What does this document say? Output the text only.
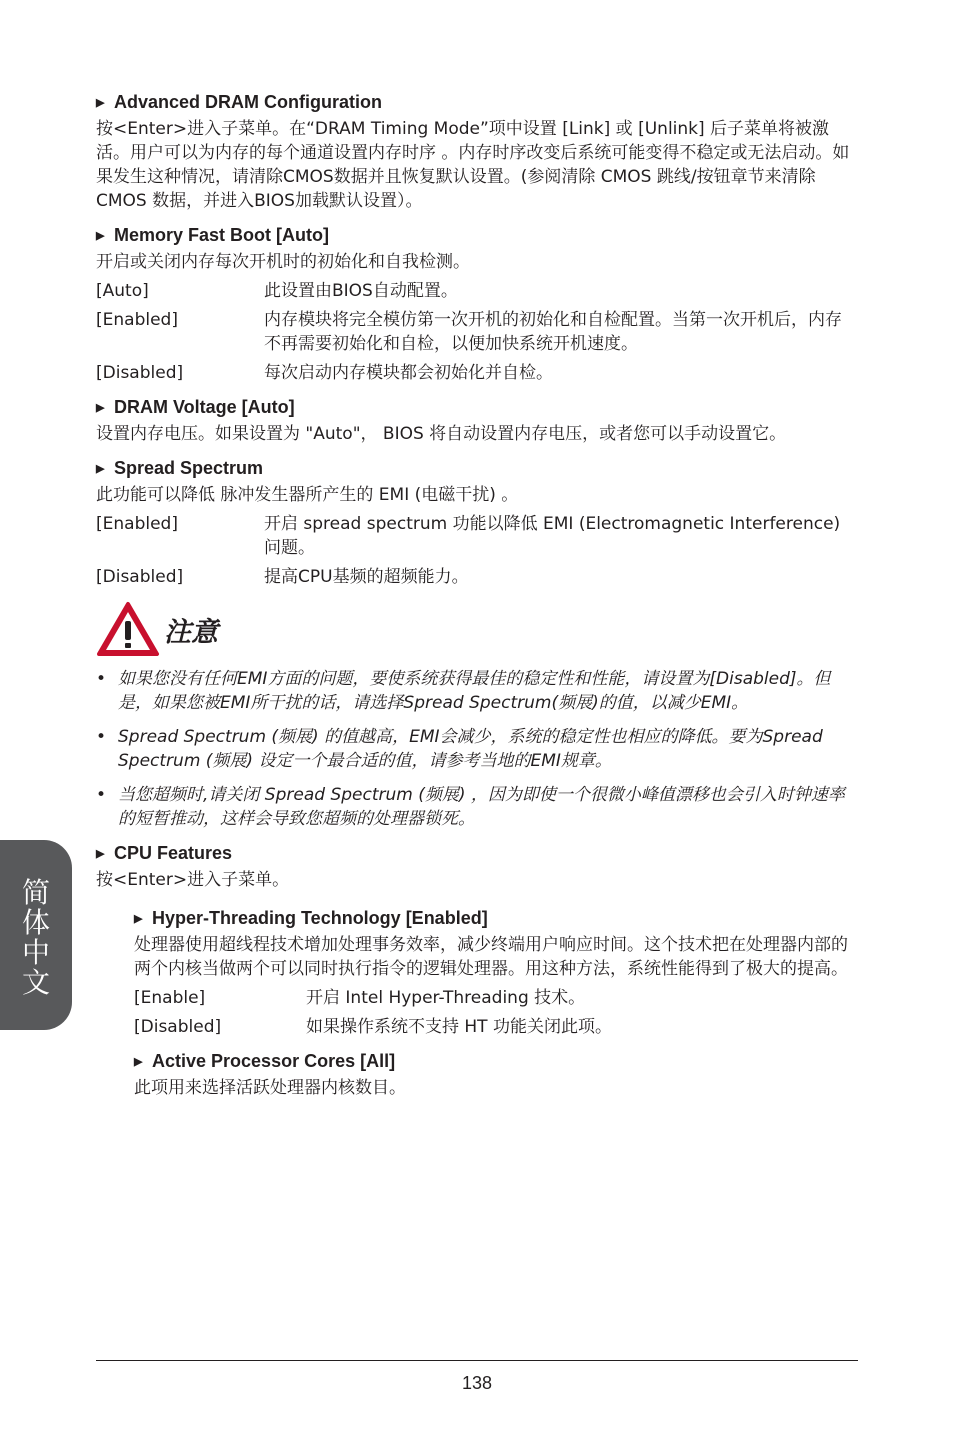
▶ Advanced DRAM Configuration
按<Enter>进入子菜单。在“DRAM Timing Mode”项中设置 [Link] 或 [Unlink] 后子菜单将被激活。用户可以为内存的每个通道设置内存时序 。内存时序改变后系统可能变得不稳定或无法启动。如果发生这种情况，请清除CMOS数据并且恢复默认设置。(参阅清除 CMOS 跳线/按钮章节来清除CMOS 数据，并进入BIOS加载默认设置）。
▶ Memory Fast Boot [Auto]
开启或关闭内存每次开机时的初始化和自我检测。
[Auto]	此设置由BIOS自动配置。
[Enabled]	内存模块将完全模仿第一次开机的初始化和自检配置。当第一次开机后，内存不再需要初始化和自检，以便加快系统开机速度。
[Disabled]	每次启动内存模块都会初始化并自检。
▶ DRAM Voltage [Auto]
设置内存电压。如果设置为 "Auto"， BIOS 将自动设置内存电压，或者您可以手动设置它。
▶ Spread Spectrum
此功能可以降低 脉冲发生器所产生的 EMI (电磁干扰) 。
[Enabled]	开启 spread spectrum 功能以降低 EMI (Electromagnetic Interference) 问题。
[Disabled]	提高CPU基频的超频能力。
注意
• 如果您没有任何EMI方面的问题，要使系统获得最佳的稳定性和性能，请设置为[Disabled]。但是，如果您被EMI所干扰的话，请选择Spread Spectrum(频展)的值，以减少EMI。
• Spread Spectrum (频展) 的值越高，EMI会减少，系统的稳定性也相应的降低。要为Spread Spectrum (频展) 设定一个最合适的值，请参考当地的EMI规章。
• 当您超频时,请关闭 Spread Spectrum (频展) ，因为即使一个很微小峰值漂移也会引入时钟速率的短暂推动，这样会导致您超频的处理器锁死。
▶ CPU Features
按<Enter>进入子菜单。
▶ Hyper-Threading Technology [Enabled]
处理器使用超线程技术增加处理事务效率，减少终端用户响应时间。这个技术把在处理器内部的两个内核当做两个可以同时执行指令的逻辑处理器。用这种方法，系统性能得到了极大的提高。
[Enable]	开启 Intel Hyper-Threading 技术。
[Disabled]	如果操作系统不支持 HT 功能关闭此项。
▶ Active Processor Cores [All]
此项用来选择活跃处理器内核数目。
简体中文
138
